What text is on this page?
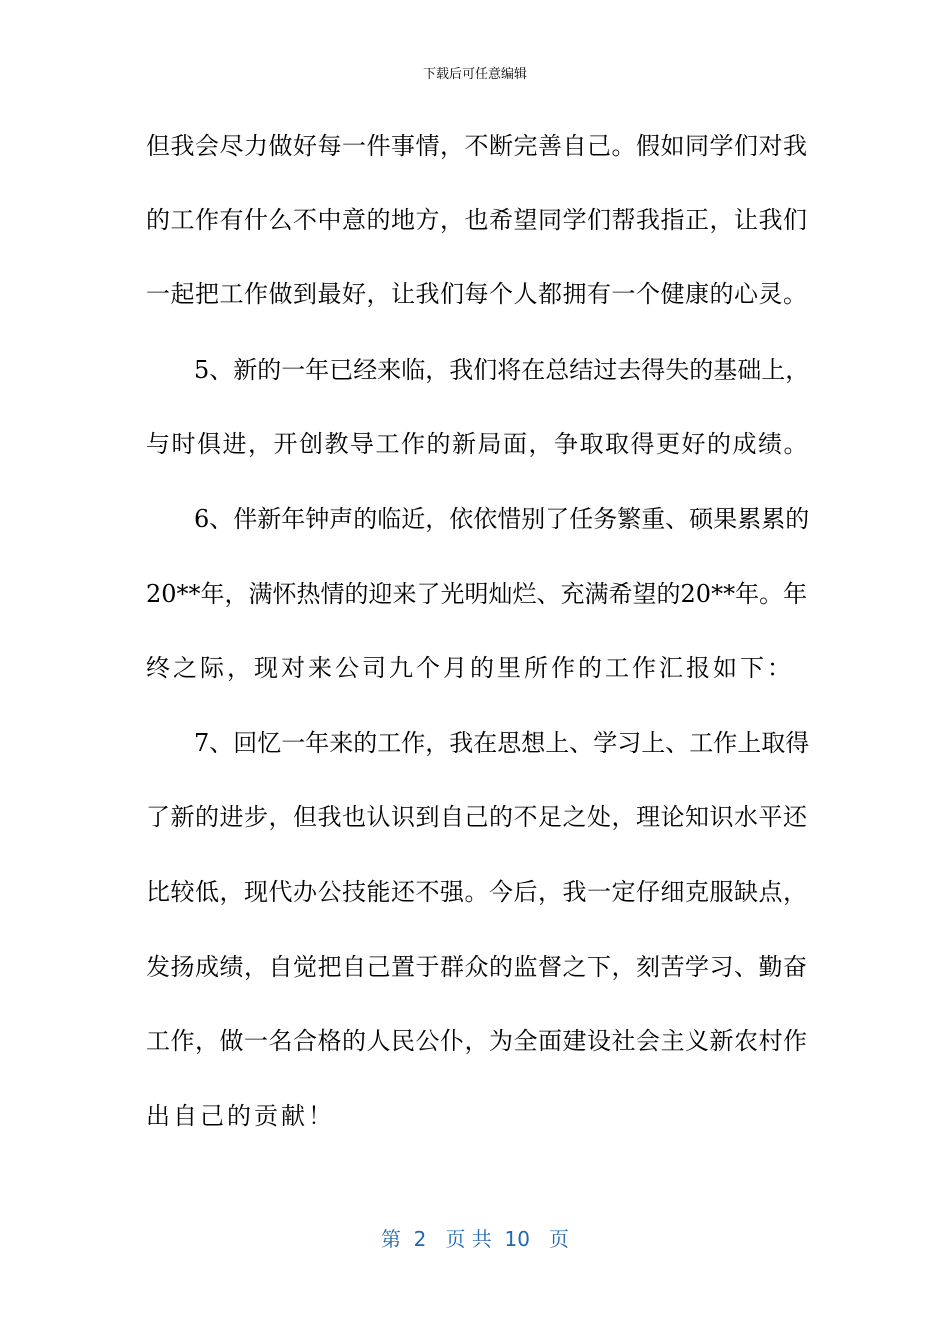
下载后可任意编辑
但我会尽力做好每一件事情，不断完善自己。假如同学们对我
的工作有什么不中意的地方，也希望同学们帮我指正，让我们
一起把工作做到最好，让我们每个人都拥有一个健康的心灵。
5、新的一年已经来临，我们将在总结过去得失的基础上，
与时俱进，开创教导工作的新局面，争取取得更好的成绩。
6、伴新年钟声的临近，依依惜别了任务繁重、硕果累累的
20**年，满怀热情的迎来了光明灿烂、充满希望的20**年。年
终之际，现对来公司九个月的里所作的工作汇报如下：
7、回忆一年来的工作，我在思想上、学习上、工作上取得
了新的进步，但我也认识到自己的不足之处，理论知识水平还
比较低，现代办公技能还不强。今后，我一定仔细克服缺点，
发扬成绩，自觉把自己置于群众的监督之下，刻苦学习、勤奋
工作，做一名合格的人民公仆，为全面建设社会主义新农村作
出自己的贡献！
第  2   页 共  10   页
